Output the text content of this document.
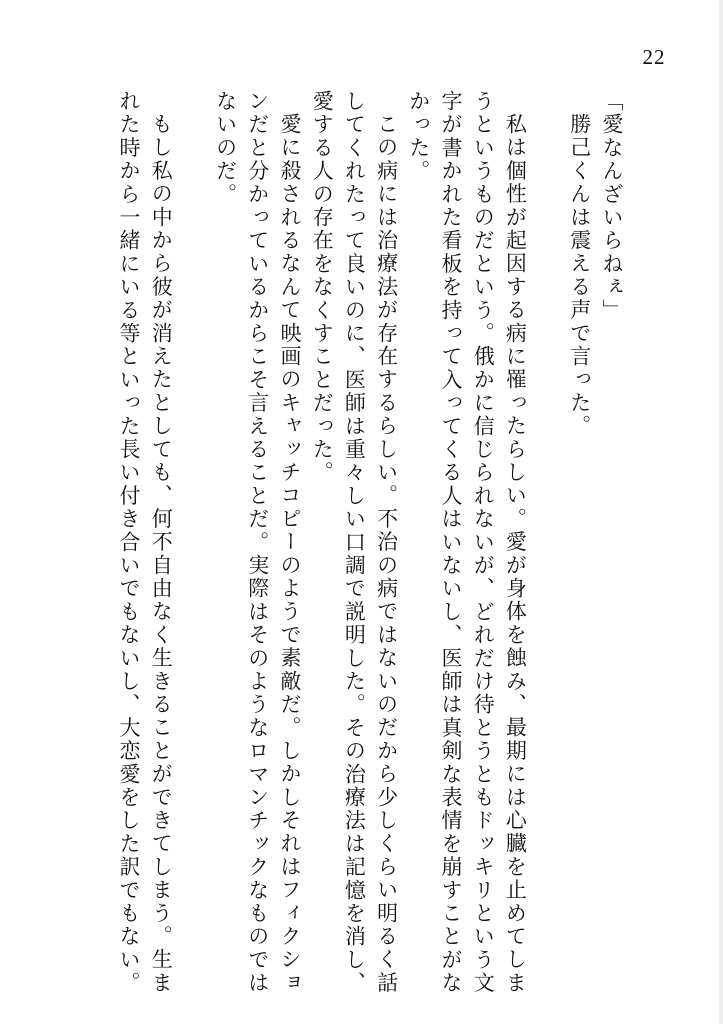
22
「愛なんざいらねぇ」
勝己くんは震える声で言った。
私は個性が起因する病に罹ったらしい。愛が身体を蝕み、最期には心臓を止めてしま
うというものだという。俄かに信じられないが、どれだけ待とうともドッキリという文
字が書かれた看板を持って入ってくる人はいないし、医師は真剣な表情を崩すことがな
かった。
この病には治療法が存在するらしい。不治の病ではないのだから少しくらい明るく話
してくれたって良いのに、医師は重々しい口調で説明した。その治療法は記憶を消し、
愛する人の存在をなくすことだった。
愛に殺されるなんて映画のキャッチコピーのようで素敵だ。しかしそれはフィクショ
ンだと分かっているからこそ言えることだ。実際はそのようなロマンチックなものでは
ないのだ。
もし私の中から彼が消えたとしても、何不自由なく生きることができてしまう。生ま
れた時から一緒にいる等といった長い付き合いでもないし、大恋愛をした訳でもない。
